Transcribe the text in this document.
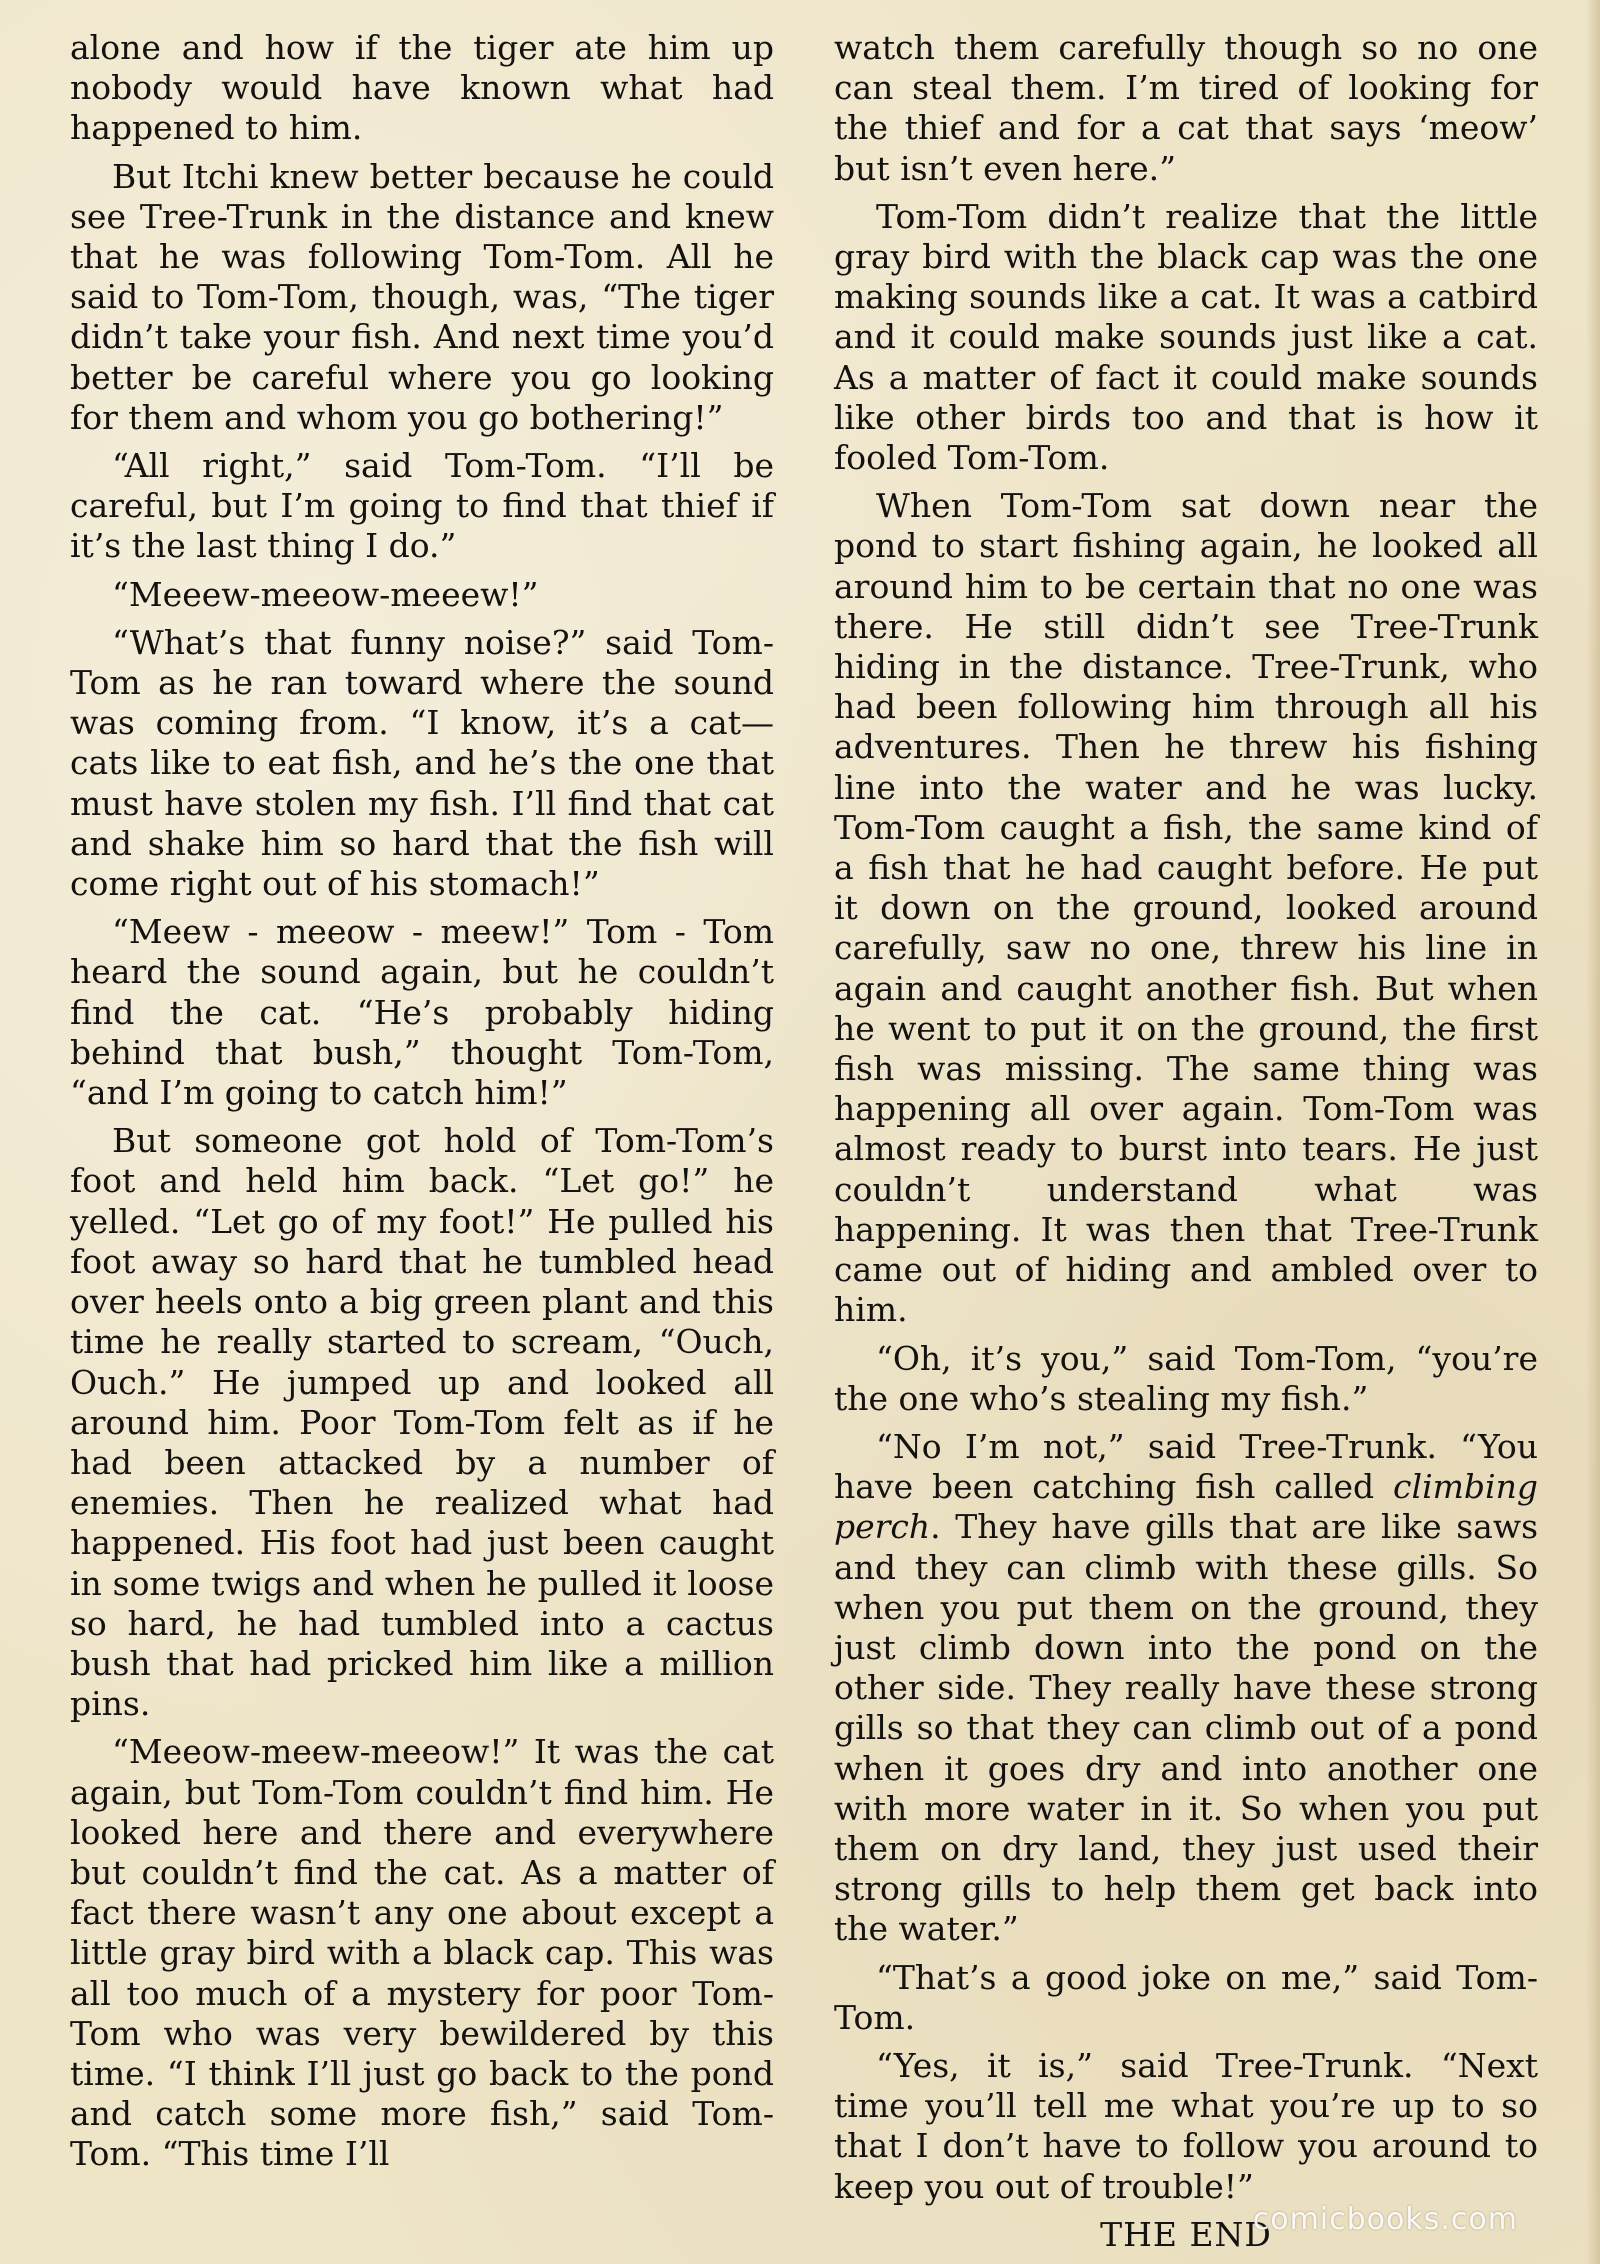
alone and how if the tiger ate him up nobody would have known what had happened to him.

But Itchi knew better because he could see Tree-Trunk in the distance and knew that he was following Tom-Tom. All he said to Tom-Tom, though, was, “The tiger didn’t take your fish. And next time you’d better be careful where you go looking for them and whom you go bothering!”

“All right,” said Tom-Tom. “I’ll be careful, but I’m going to find that thief if it’s the last thing I do.”

“Meeew-meeow-meeew!”

“What’s that funny noise?” said Tom-Tom as he ran toward where the sound was coming from. “I know, it’s a cat— cats like to eat fish, and he’s the one that must have stolen my fish. I’ll find that cat and shake him so hard that the fish will come right out of his stomach!”

“Meew - meeow - meew!” Tom - Tom heard the sound again, but he couldn’t find the cat. “He’s probably hiding behind that bush,” thought Tom-Tom, “and I’m going to catch him!”

But someone got hold of Tom-Tom’s foot and held him back. “Let go!” he yelled. “Let go of my foot!” He pulled his foot away so hard that he tumbled head over heels onto a big green plant and this time he really started to scream, “Ouch, Ouch.” He jumped up and looked all around him. Poor Tom-Tom felt as if he had been attacked by a number of enemies. Then he realized what had happened. His foot had just been caught in some twigs and when he pulled it loose so hard, he had tumbled into a cactus bush that had pricked him like a million pins.

“Meeow-meew-meeow!” It was the cat again, but Tom-Tom couldn’t find him. He looked here and there and everywhere but couldn’t find the cat. As a matter of fact there wasn’t any one about except a little gray bird with a black cap. This was all too much of a mystery for poor Tom-Tom who was very bewildered by this time. “I think I’ll just go back to the pond and catch some more fish,” said Tom-Tom. “This time I’ll

watch them carefully though so no one can steal them. I’m tired of looking for the thief and for a cat that says ‘meow’ but isn’t even here.”

Tom-Tom didn’t realize that the little gray bird with the black cap was the one making sounds like a cat. It was a catbird and it could make sounds just like a cat. As a matter of fact it could make sounds like other birds too and that is how it fooled Tom-Tom.

When Tom-Tom sat down near the pond to start fishing again, he looked all around him to be certain that no one was there. He still didn’t see Tree-Trunk hiding in the distance. Tree-Trunk, who had been following him through all his adventures. Then he threw his fishing line into the water and he was lucky. Tom-Tom caught a fish, the same kind of a fish that he had caught before. He put it down on the ground, looked around carefully, saw no one, threw his line in again and caught another fish. But when he went to put it on the ground, the first fish was missing. The same thing was happening all over again. Tom-Tom was almost ready to burst into tears. He just couldn’t understand what was happening. It was then that Tree-Trunk came out of hiding and ambled over to him.

“Oh, it’s you,” said Tom-Tom, “you’re the one who’s stealing my fish.”

“No I’m not,” said Tree-Trunk. “You have been catching fish called climbing perch. They have gills that are like saws and they can climb with these gills. So when you put them on the ground, they just climb down into the pond on the other side. They really have these strong gills so that they can climb out of a pond when it goes dry and into another one with more water in it. So when you put them on dry land, they just used their strong gills to help them get back into the water.”

“That’s a good joke on me,” said Tom-Tom.

“Yes, it is,” said Tree-Trunk. “Next time you’ll tell me what you’re up to so that I don’t have to follow you around to keep you out of trouble!”

THE END

comicbooks.com
